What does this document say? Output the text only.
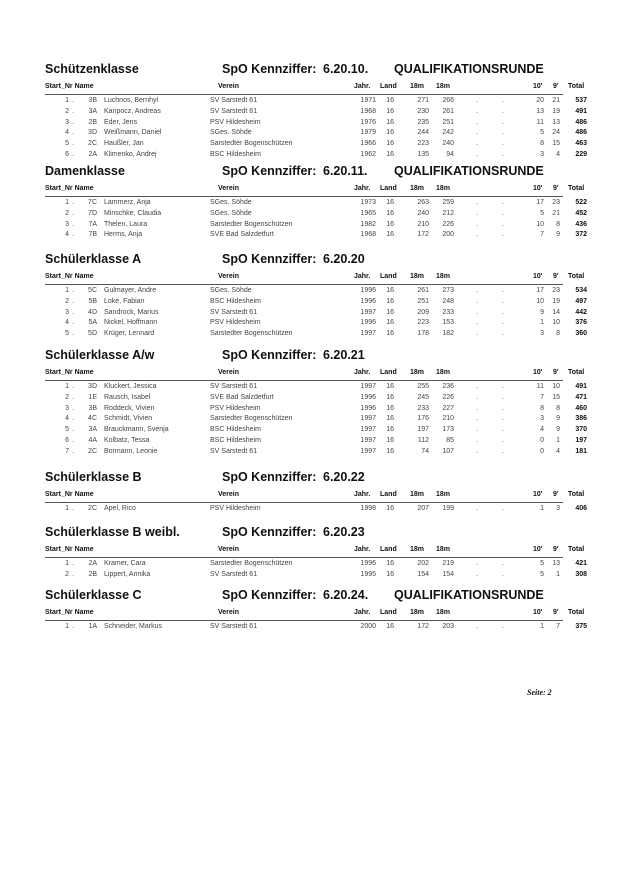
Schützenklasse	SpO Kennziffer: 6.20.10. QUALIFIKATIONSRUNDE
Start_Nr Name	Verein	Jahr. Land 18m 18m	10' 9' Total
1 .	3B Luchnos, Bernhyl	SV Sarstedt 61	1971	16	271	266	.	.	20	21	537
2 .	3A Kanpocz, Andreas	SV Sarstedt 61	1968	16	230	261	.	.	13	19	491
3 .	2B Eder, Jens	PSV Hildesheim	1976	16	235	251	.	.	11	13	486
4 .	3D Weißmann, Daniel	SGes. Söhde	1979	16	244	242	.	.	5	24	486
5 .	2C Haußler, Jan	Sarstedter Bogenschützen	1966	16	223	240	.	.	8	15	463
6 .	2A Klimenko, Andrej	BSC Hildesheim	1962	16	135	94	.	.	3	4	229
Damenklasse	SpO Kennziffer: 6.20.11. QUALIFIKATIONSRUNDE
Start_Nr Name	Verein	Jahr. Land 18m 18m	10' 9' Total
1 .	7C Lammerz, Anja	SGes. Söhde	1973	16	263	259	.	.	17	23	522
2 .	7D Minschke, Claudia	SGes. Söhde	1965	16	240	212	.	.	5	21	452
3 .	7A Thelen, Laura	Sarstedter Bogenschützen	1982	16	210	226	.	.	10	8	436
4 .	7B Herms, Anja	SVE Bad Salzdetfurt	1968	16	172	200	.	.	7	9	372
Schülerklasse A	SpO Kennziffer: 6.20.20
Start_Nr Name	Verein	Jahr. Land 18m 18m	10' 9' Total
1 .	5C Gulmayer, Andre	SGes. Söhde	1996	16	261	273	.	.	17	23	534
2 .	5B Loke, Fabian	BSC Hildesheim	1996	16	251	248	.	.	10	19	497
3 .	4D Sandrock, Marius	SV Sarstedt 61	1997	16	209	233	.	.	9	14	442
4 .	5A Nickel, Hoffmann	PSV Hildesheim	1996	16	223	153	.	.	1	10	376
5 .	5D Krüger, Lennard	Sarstedter Bogenschützen	1997	16	178	182	.	.	3	8	360
Schülerklasse A/w	SpO Kennziffer: 6.20.21
Start_Nr Name	Verein	Jahr. Land 18m 18m	10' 9' Total
1 .	3D Kluckert, Jessica	SV Sarstedt 61	1997	16	255	236	.	.	11	10	491
2 .	1E Rausch, Isabel	SVE Bad Salzdetfurt	1996	16	245	226	.	.	7	15	471
3 .	3B Roddeck, Vivien	PSV Hildesheim	1996	16	233	227	.	.	8	8	460
4 .	4C Schmidt, Vivien	Sarstedter Bogenschützen	1997	16	176	210	.	.	3	9	386
5 .	3A Brauckmann, Svenja	BSC Hildesheim	1997	16	197	173	.	.	4	9	370
6 .	4A Kolbatz, Tessa	BSC Hildesheim	1997	16	112	85	.	.	0	1	197
7 .	2C Bormann, Leonie	SV Sarstedt 61	1997	16	74	107	.	.	0	4	181
Schülerklasse B	SpO Kennziffer: 6.20.22
Start_Nr Name	Verein	Jahr. Land 18m 18m	10' 9' Total
1 .	2C Apel, Rico	PSV Hildesheim	1998	16	207	199	.	.	1	3	406
Schülerklasse B weibl.	SpO Kennziffer: 6.20.23
Start_Nr Name	Verein	Jahr. Land 18m 18m	10' 9' Total
1 .	2A Kramer, Cara	Sarstedter Bogenschützen	1996	16	202	219	.	.	5	13	421
2 .	2B Lippert, Annika	SV Sarstedt 61	1995	16	154	154	.	.	5	1	308
Schülerklasse C	SpO Kennziffer: 6.20.24. QUALIFIKATIONSRUNDE
Start_Nr Name	Verein	Jahr. Land 18m 18m	10' 9' Total
1 .	1A Schneider, Markus	SV Sarstedt 61	2000	16	172	203	.	.	1	7	375
Seite: 2
